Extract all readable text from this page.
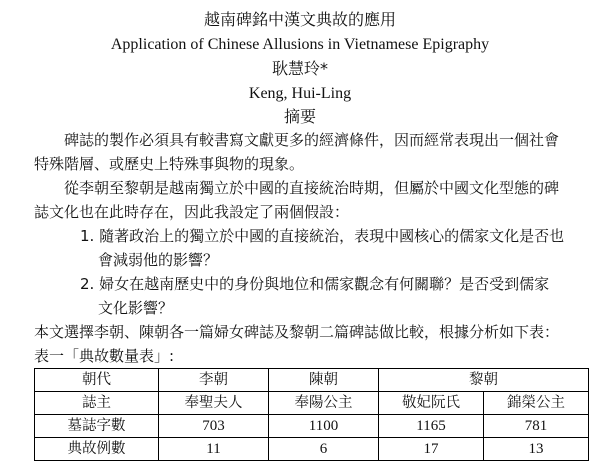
越南碑銘中漢文典故的應用
Application of Chinese Allusions in Vietnamese Epigraphy
耿慧玲*
Keng, Hui-Ling
摘要
碑誌的製作必須具有較書寫文獻更多的經濟條件，因而經常表現出一個社會
特殊階層、或歷史上特殊事與物的現象。
從李朝至黎朝是越南獨立於中國的直接統治時期，但屬於中國文化型態的碑
誌文化也在此時存在，因此我設定了兩個假設：
1. 隨著政治上的獨立於中國的直接統治，表現中國核心的儒家文化是否也
會減弱他的影響？
2. 婦女在越南歷史中的身份與地位和儒家觀念有何關聯？是否受到儒家
文化影響？
本文選擇李朝、陳朝各一篇婦女碑誌及黎朝二篇碑誌做比較，根據分析如下表：
表一「典故數量表」:
朝代	李朝	陳朝	黎朝	
誌主	奉聖夫人	奉陽公主	敬妃阮氏	錦榮公主
墓誌字數	703	1100	1165	781
典故例數	11	6	17	13
